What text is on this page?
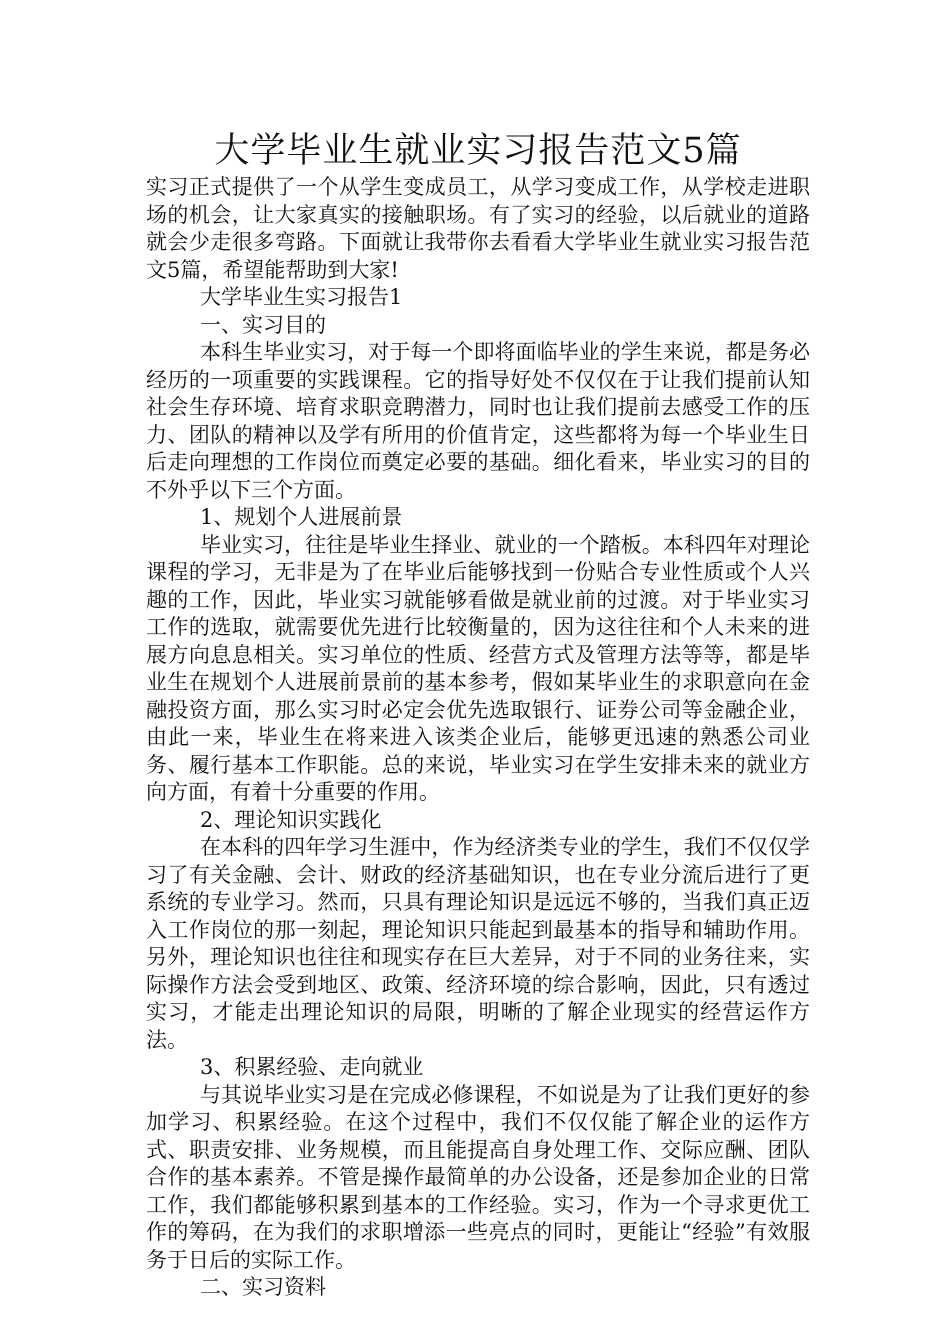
大学毕业生就业实习报告范文5篇

实习正式提供了一个从学生变成员工，从学习变成工作，从学校走进职场的机会，让大家真实的接触职场。有了实习的经验，以后就业的道路就会少走很多弯路。下面就让我带你去看看大学毕业生就业实习报告范文5篇，希望能帮助到大家!

大学毕业生实习报告1

一、实习目的

本科生毕业实习，对于每一个即将面临毕业的学生来说，都是务必经历的一项重要的实践课程。它的指导好处不仅仅在于让我们提前认知社会生存环境、培育求职竞聘潜力，同时也让我们提前去感受工作的压力、团队的精神以及学有所用的价值肯定，这些都将为每一个毕业生日后走向理想的工作岗位而奠定必要的基础。细化看来，毕业实习的目的不外乎以下三个方面。

1、规划个人进展前景

毕业实习，往往是毕业生择业、就业的一个踏板。本科四年对理论课程的学习，无非是为了在毕业后能够找到一份贴合专业性质或个人兴趣的工作，因此，毕业实习就能够看做是就业前的过渡。对于毕业实习工作的选取，就需要优先进行比较衡量的，因为这往往和个人未来的进展方向息息相关。实习单位的性质、经营方式及管理方法等等，都是毕业生在规划个人进展前景前的基本参考，假如某毕业生的求职意向在金融投资方面，那么实习时必定会优先选取银行、证券公司等金融企业，由此一来，毕业生在将来进入该类企业后，能够更迅速的熟悉公司业务、履行基本工作职能。总的来说，毕业实习在学生安排未来的就业方向方面，有着十分重要的作用。

2、理论知识实践化

在本科的四年学习生涯中，作为经济类专业的学生，我们不仅仅学习了有关金融、会计、财政的经济基础知识，也在专业分流后进行了更系统的专业学习。然而，只具有理论知识是远远不够的，当我们真正迈入工作岗位的那一刻起，理论知识只能起到最基本的指导和辅助作用。另外，理论知识也往往和现实存在巨大差异，对于不同的业务往来，实际操作方法会受到地区、政策、经济环境的综合影响，因此，只有透过实习，才能走出理论知识的局限，明晰的了解企业现实的经营运作方法。

3、积累经验、走向就业

与其说毕业实习是在完成必修课程，不如说是为了让我们更好的参加学习、积累经验。在这个过程中，我们不仅仅能了解企业的运作方式、职责安排、业务规模，而且能提高自身处理工作、交际应酬、团队合作的基本素养。不管是操作最简单的办公设备，还是参加企业的日常工作，我们都能够积累到基本的工作经验。实习，作为一个寻求更优工作的筹码，在为我们的求职增添一些亮点的同时，更能让“经验”有效服务于日后的实际工作。

二、实习资料
